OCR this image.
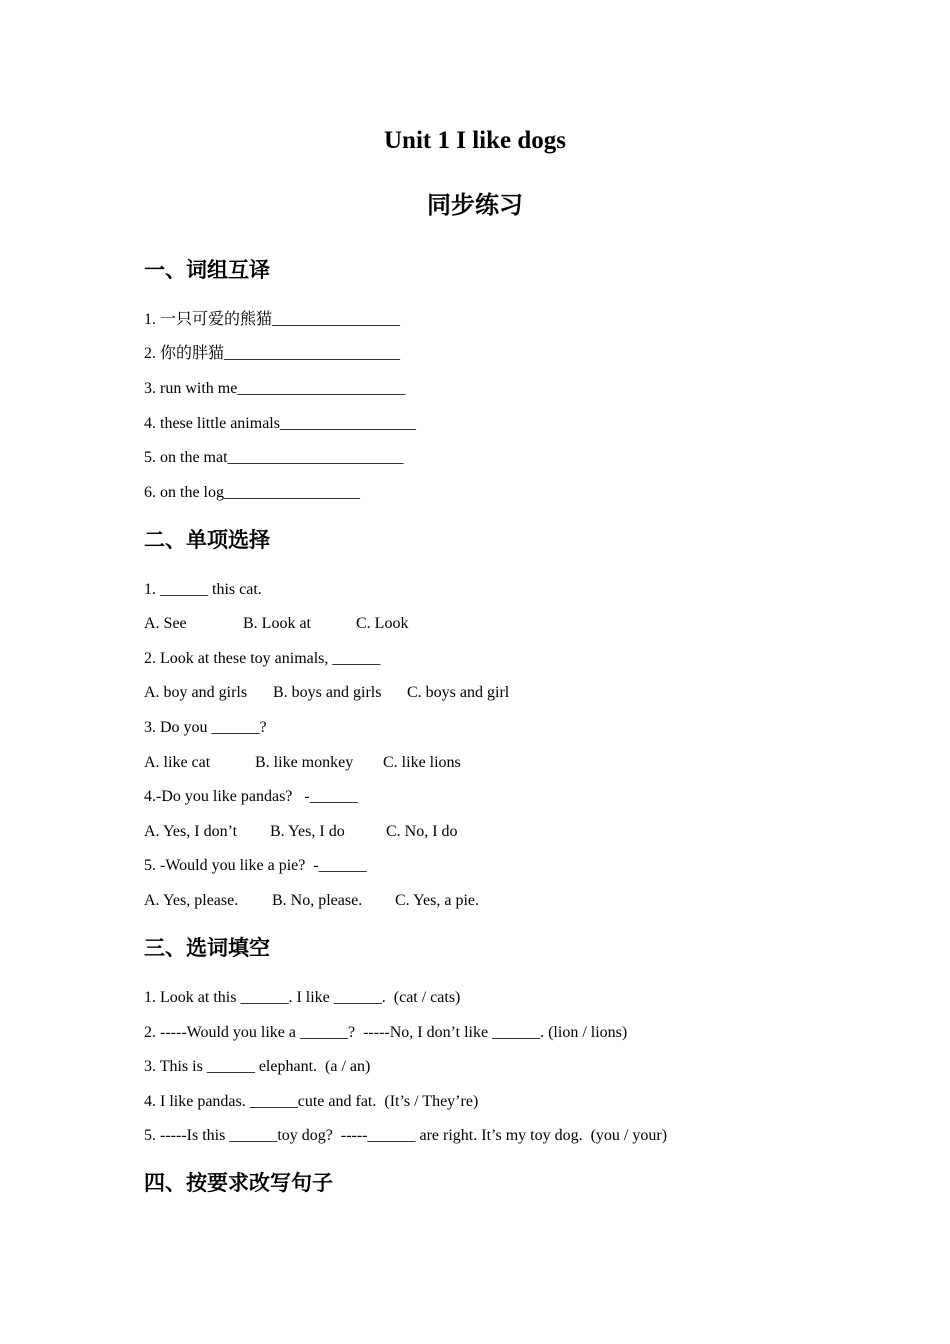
Unit 1 I like dogs
同步练习
一、词组互译

1. 一只可爱的熊猫________________

2. 你的胖猫______________________

3. run with me_____________________

4. these little animals_________________

5. on the mat______________________

6. on the log_________________

二、单项选择

1. ______ this cat.

A. See	B. Look at	C. Look

2. Look at these toy animals, ______

A. boy and girls B. boys and girls C. boys and girl

3. Do you ______?

A. like cat	B. like monkey C. like lions

4.-Do you like pandas?   -______

A. Yes, I don’t B. Yes, I do	C. No, I do

5. -Would you like a pie?  -______

A. Yes, please. B. No, please. C. Yes, a pie.
三、选词填空

1. Look at this ______. I like ______.  (cat / cats)

2. -----Would you like a ______?  -----No, I don’t like ______. (lion / lions)

3. This is ______ elephant.  (a / an)

4. I like pandas. ______cute and fat.  (It’s / They’re)

5. -----Is this ______toy dog?  -----______ are right. It’s my toy dog.  (you / your)

四、按要求改写句子
